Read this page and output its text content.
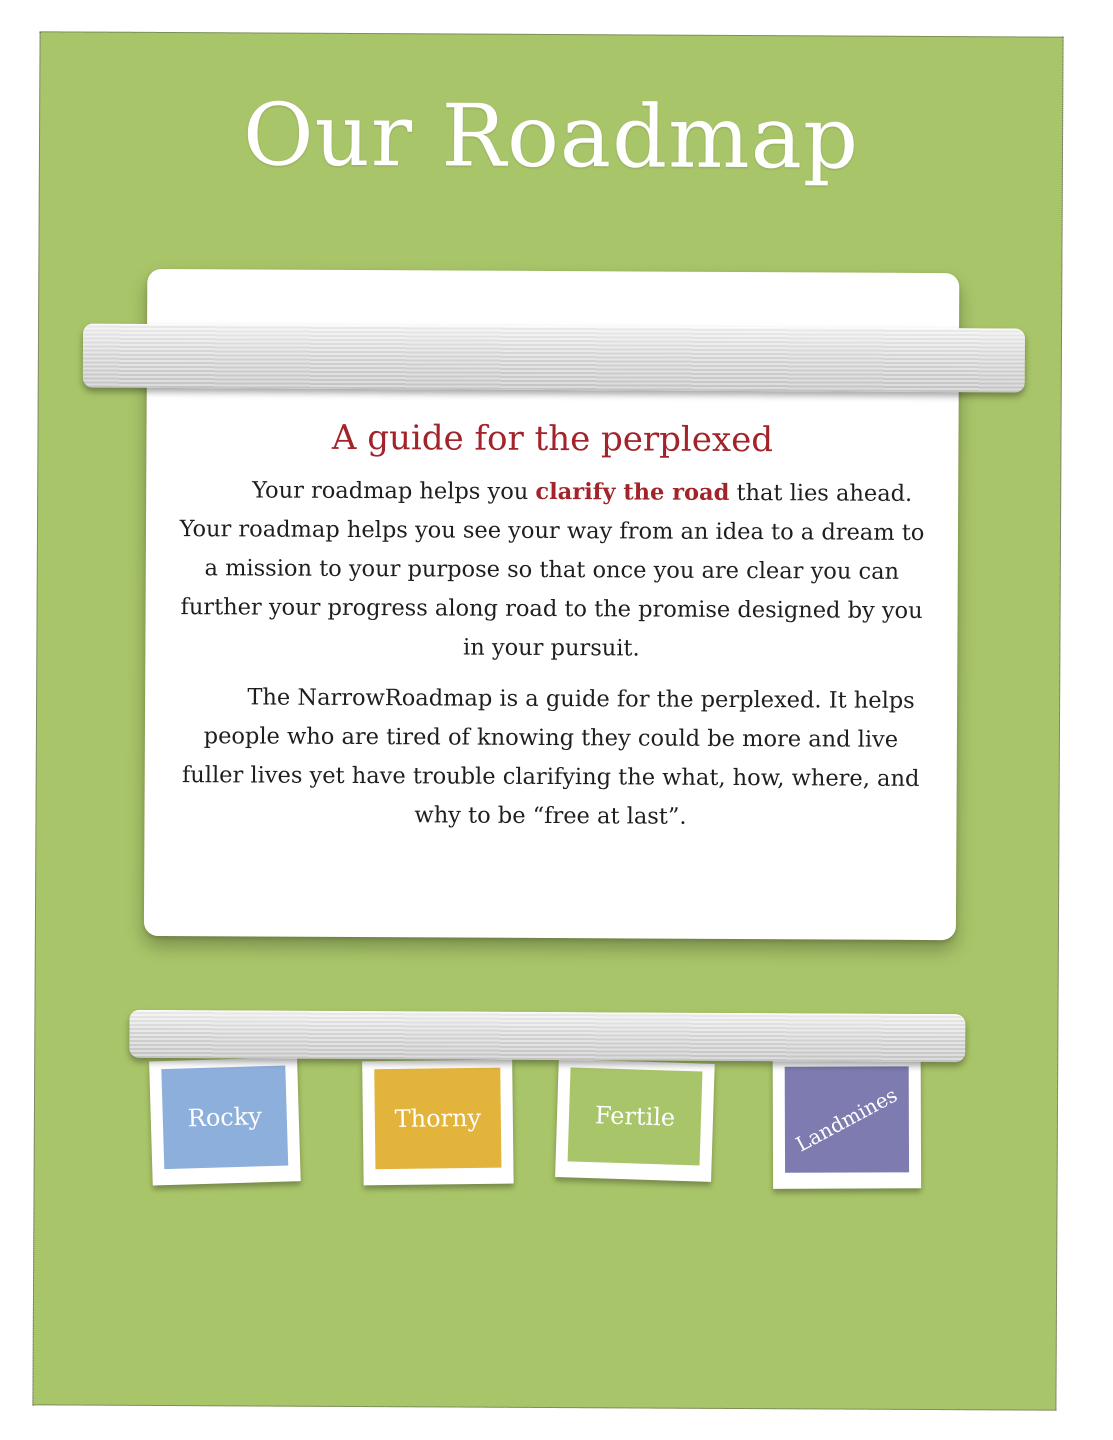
Our Roadmap
A guide for the perplexed

Your roadmap helps you clarify the road that lies ahead. Your roadmap helps you see your way from an idea to a dream to a mission to your purpose so that once you are clear you can further your progress along road to the promise designed by you in your pursuit.

The NarrowRoadmap is a guide for the perplexed. It helps people who are tired of knowing they could be more and live fuller lives yet have trouble clarifying the what, how, where, and why to be “free at last”.

Rocky	Thorny	Fertile	Landmines
